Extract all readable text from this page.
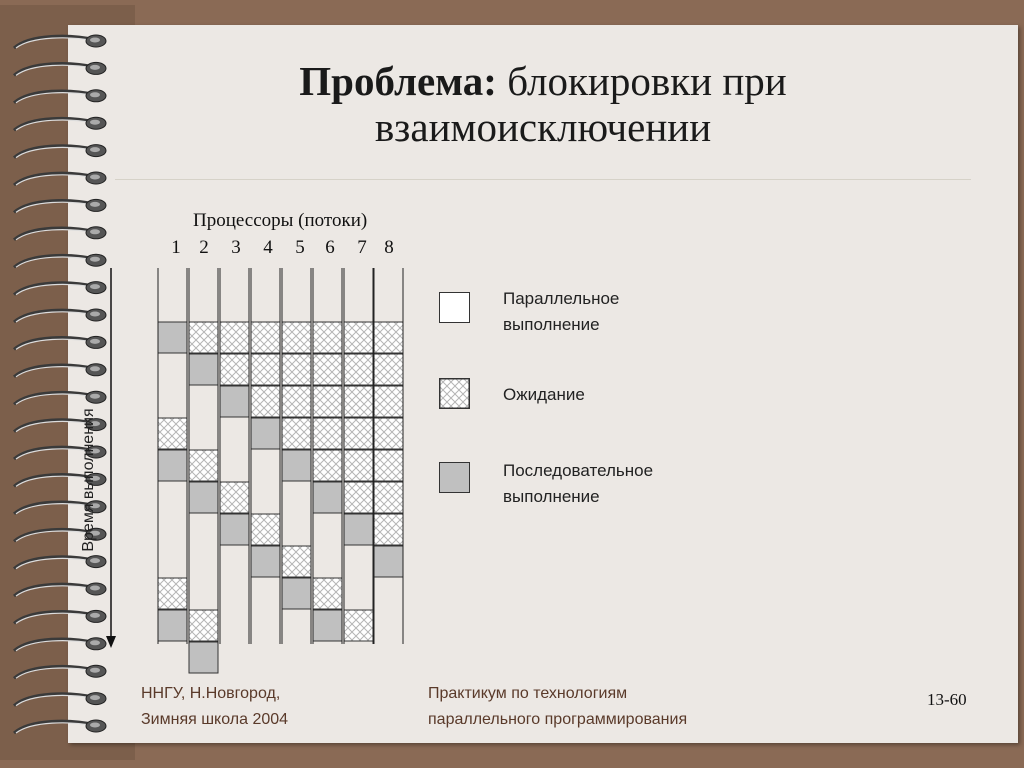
Проблема: блокировки при
взаимоисключении
Процессоры (потоки)
1 2 3 4 5 6 7 8
Время выполнения
Параллельное
выполнение
Ожидание
Последовательное
выполнение
ННГУ, Н.Новгород,
Зимняя школа 2004
Практикум по технологиям
параллельного программирования
13-60
